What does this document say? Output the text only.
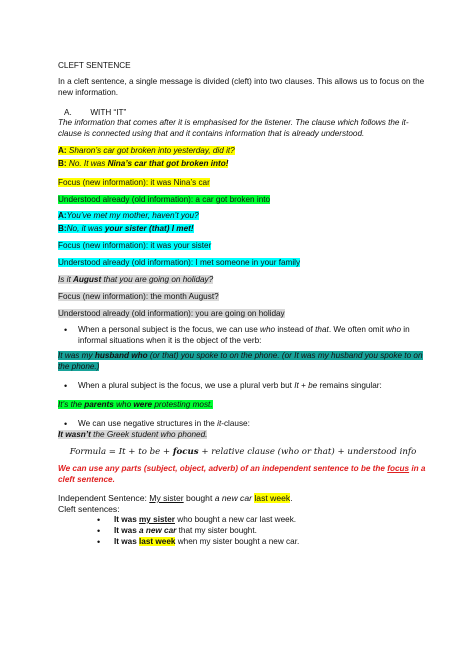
CLEFT SENTENCE
In a cleft sentence, a single message is divided (cleft) into two clauses. This allows us to focus on the new information.
A. WITH “IT”
The information that comes after it is emphasised for the listener. The clause which follows the it-clause is connected using that and it contains information that is already understood.
A: Sharon’s car got broken into yesterday, did it?
B: No. It was Nina’s car that got broken into!
Focus (new information): it was Nina’s car
Understood already (old information): a car got broken into
A:You’ve met my mother, haven’t you?
B:No, it was your sister (that) I met!
Focus (new information): it was your sister
Understood already (old information): I met someone in your family
Is it August that you are going on holiday?
Focus (new information): the month August?
Understood already (old information): you are going on holiday
• When a personal subject is the focus, we can use who instead of that. We often omit who in informal situations when it is the object of the verb:
It was my husband who (or that) you spoke to on the phone. (or It was my husband you spoke to on the phone.)
• When a plural subject is the focus, we use a plural verb but It + be remains singular:
It’s the parents who were protesting most.
• We can use negative structures in the it-clause:
It wasn’t the Greek student who phoned.
Formula = It + to be + focus + relative clause (who or that) + understood info
We can use any parts (subject, object, adverb) of an independent sentence to be the focus in a cleft sentence.
Independent Sentence: My sister bought a new car last week.
Cleft sentences:
• It was my sister who bought a new car last week.
• It was a new car that my sister bought.
• It was last week when my sister bought a new car.
